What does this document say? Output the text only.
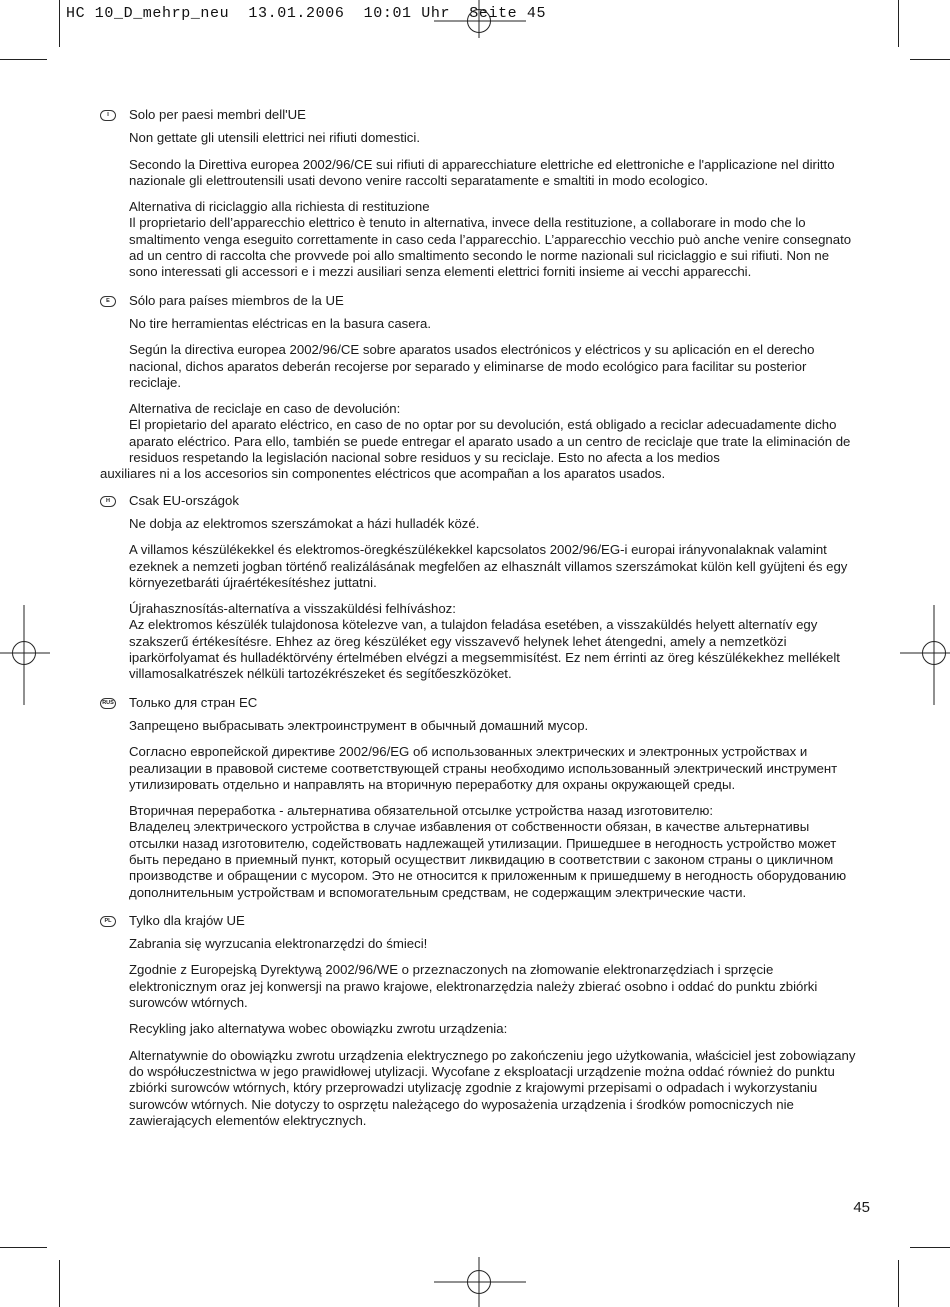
HC 10_D_mehrp_neu  13.01.2006  10:01 Uhr  Seite 45
I	Solo per paesi membri dell'UE

Non gettate gli utensili elettrici nei rifiuti domestici.

Secondo la Direttiva europea 2002/96/CE sui rifiuti di apparecchiature elettriche ed elettroniche e l'applicazione nel diritto nazionale gli elettroutensili usati devono venire raccolti separatamente e smaltiti in modo ecologico.

Alternativa di riciclaggio alla richiesta di restituzione
Il proprietario dell’apparecchio elettrico è tenuto in alternativa, invece della restituzione, a collaborare in modo che lo smaltimento venga eseguito correttamente in caso ceda l’apparecchio. L’apparecchio vecchio può anche venire consegnato ad un centro di raccolta che provvede poi allo smaltimento secondo le norme nazionali sul riciclaggio e sui rifiuti. Non ne sono interessati gli accessori e i mezzi ausiliari senza elementi elettrici forniti insieme ai vecchi apparecchi.

E	Sólo para países miembros de la UE

No tire herramientas eléctricas en la basura casera.

Según la directiva europea 2002/96/CE sobre aparatos usados electrónicos y eléctricos y su aplicación en el derecho nacional, dichos aparatos deberán recojerse por separado y eliminarse de modo ecológico para facilitar su posterior reciclaje.

Alternativa de reciclaje en caso de devolución:
El propietario del aparato eléctrico, en caso de no optar por su devolución, está obligado a reciclar adecuadamente dicho aparato eléctrico. Para ello, también se puede entregar el aparato usado a un centro de reciclaje que trate la eliminación de residuos respetando la legislación nacional sobre residuos y su reciclaje. Esto no afecta a los medios

auxiliares ni a los accesorios sin componentes eléctricos que acompañan a los aparatos usados.

H	Csak EU-országok

Ne dobja az elektromos szerszámokat a házi hulladék közé.

A villamos készülékekkel és elektromos-öregkészülékekkel kapcsolatos 2002/96/EG-i europai irányvonalaknak valamint ezeknek a nemzeti jogban történő realizálásának megfelően az elhasznált villamos szerszámokat külön kell gyüjteni és egy környezetbaráti újraértékesítéshez juttatni.

Újrahasznosítás-alternatíva a visszaküldési felhíváshoz:
Az elektromos készülék tulajdonosa kötelezve van, a tulajdon feladása esetében, a visszaküldés helyett alternatív egy szakszerű értékesítésre. Ehhez az öreg készüléket egy visszavevő helynek lehet átengedni, amely a nemzetközi iparkörfolyamat és hulladéktörvény értelmében elvégzi a megsemmisítést. Ez nem érrinti az öreg készülékekhez mellékelt villamosalkatrészek nélküli tartozékrészeket és segítőeszközöket.

RUS Только для стран ЕС

Запрещено выбрасывать электроинструмент в обычный домашний мусор.

Согласно европейской директиве 2002/96/EG об использованных электрических и электронных устройствах и реализации в правовой системе соответствующей страны необходимо использованный электрический инструмент утилизировать отдельно и направлять на вторичную переработку для охраны окружающей среды.

Вторичная переработка - альтернатива обязательной отсылке устройства назад изготовителю:
Владелец электрического устройства в случае избавления от собственности обязан, в качестве альтернативы отсылки назад изготовителю, содействовать надлежащей утилизации. Пришедшее в негодность устройство может быть передано в приемный пункт, который осуществит ликвидацию в соответствии с законом страны о цикличном производстве и обращении с мусором. Это не относится к приложенным к пришедшему в негодность оборудованию дополнительным устройствам и вспомогательным средствам, не содержащим электрические части.

PL	Tylko dla krajów UE

Zabrania się wyrzucania elektronarzędzi do śmieci!

Zgodnie z Europejską Dyrektywą 2002/96/WE o przeznaczonych na złomowanie elektronarzędziach i sprzęcie elektronicznym oraz jej konwersji na prawo krajowe, elektronarzędzia należy zbierać osobno i oddać do punktu zbiórki surowców wtórnych.

Recykling jako alternatywa wobec obowiązku zwrotu urządzenia:

Alternatywnie do obowiązku zwrotu urządzenia elektrycznego po zakończeniu jego użytkowania, właściciel jest zobowiązany do współuczestnictwa w jego prawidłowej utylizacji. Wycofane z eksploatacji urządzenie można oddać również do punktu zbiórki surowców wtórnych, który przeprowadzi utylizację zgodnie z krajowymi przepisami o odpadach i wykorzystaniu surowców wtórnych. Nie dotyczy to osprzętu należącego do wyposażenia urządzenia i środków pomocniczych nie zawierających elementów elektrycznych.

45
